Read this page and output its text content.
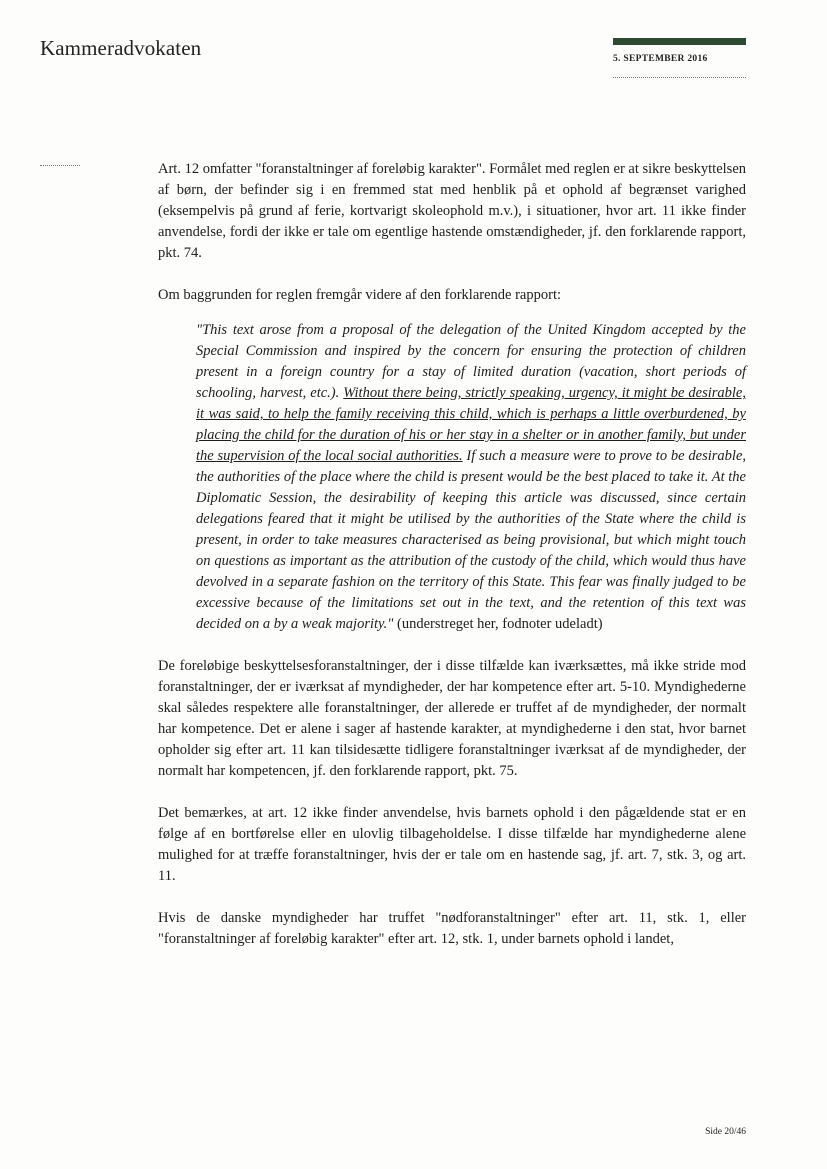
Kammeradvokaten	5. SEPTEMBER 2016

Art. 12 omfatter "foranstaltninger af foreløbig karakter". Formålet med reglen er at sikre beskyttelsen af børn, der befinder sig i en fremmed stat med henblik på et ophold af begrænset varighed (eksempelvis på grund af ferie, kortvarigt skoleophold m.v.), i situationer, hvor art. 11 ikke finder anvendelse, fordi der ikke er tale om egentlige hastende omstændigheder, jf. den forklarende rapport, pkt. 74.

Om baggrunden for reglen fremgår videre af den forklarende rapport:

"This text arose from a proposal of the delegation of the United Kingdom accepted by the Special Commission and inspired by the concern for ensuring the protection of children present in a foreign country for a stay of limited duration (vacation, short periods of schooling, harvest, etc.). Without there being, strictly speaking, urgency, it might be desirable, it was said, to help the family receiving this child, which is perhaps a little overburdened, by placing the child for the duration of his or her stay in a shelter or in another family, but under the supervision of the local social authorities. If such a measure were to prove to be desirable, the authorities of the place where the child is present would be the best placed to take it. At the Diplomatic Session, the desirability of keeping this article was discussed, since certain delegations feared that it might be utilised by the authorities of the State where the child is present, in order to take measures characterised as being provisional, but which might touch on questions as important as the attribution of the custody of the child, which would thus have devolved in a separate fashion on the territory of this State. This fear was finally judged to be excessive because of the limitations set out in the text, and the retention of this text was decided on a by a weak majority." (understreget her, fodnoter udeladt)

De foreløbige beskyttelsesforanstaltninger, der i disse tilfælde kan iværksættes, må ikke stride mod foranstaltninger, der er iværksat af myndigheder, der har kompetence efter art. 5-10. Myndighederne skal således respektere alle foranstaltninger, der allerede er truffet af de myndigheder, der normalt har kompetence. Det er alene i sager af hastende karakter, at myndighederne i den stat, hvor barnet opholder sig efter art. 11 kan tilsidesætte tidligere foranstaltninger iværksat af de myndigheder, der normalt har kompetencen, jf. den forklarende rapport, pkt. 75.

Det bemærkes, at art. 12 ikke finder anvendelse, hvis barnets ophold i den pågældende stat er en følge af en bortførelse eller en ulovlig tilbageholdelse. I disse tilfælde har myndighederne alene mulighed for at træffe foranstaltninger, hvis der er tale om en hastende sag, jf. art. 7, stk. 3, og art. 11.

Hvis de danske myndigheder har truffet "nødforanstaltninger" efter art. 11, stk. 1, eller "foranstaltninger af foreløbig karakter" efter art. 12, stk. 1, under barnets ophold i landet,

Side 20/46
